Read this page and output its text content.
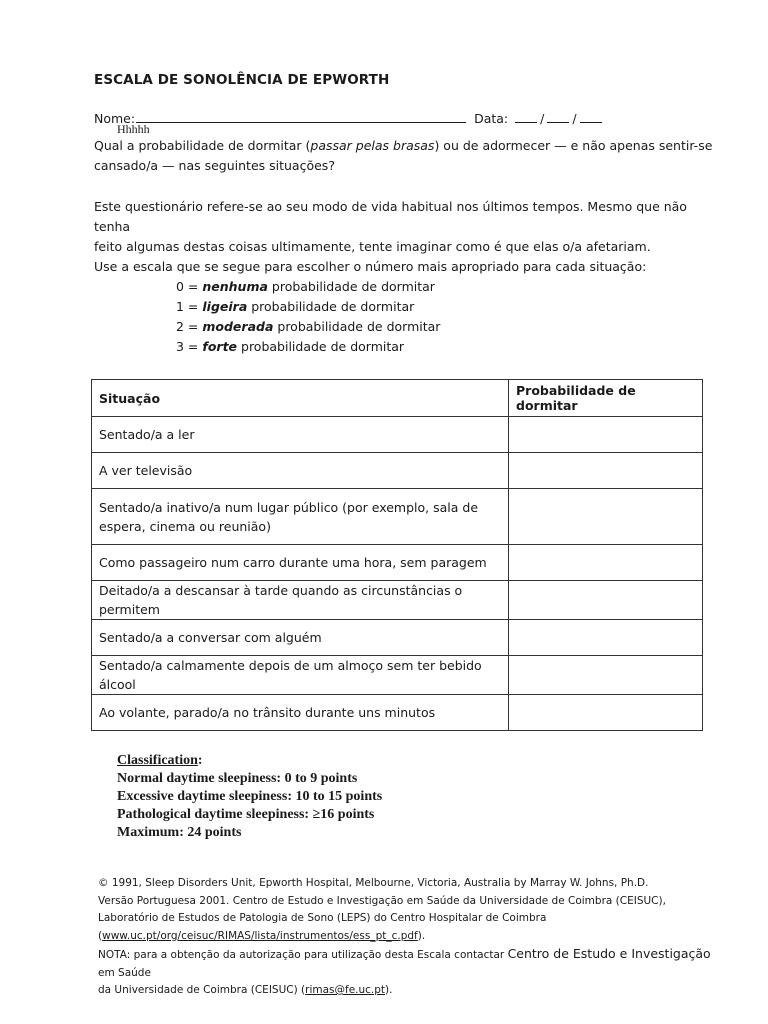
ESCALA DE SONOLÊNCIA DE EPWORTH
Nome:	Data:	/ /
Hhhhh
Qual a probabilidade de dormitar (passar pelas brasas) ou de adormecer — e não apenas sentir-se
cansado/a — nas seguintes situações?
Este questionário refere-se ao seu modo de vida habitual nos últimos tempos. Mesmo que não tenha
feito algumas destas coisas ultimamente, tente imaginar como é que elas o/a afetariam.
Use a escala que se segue para escolher o número mais apropriado para cada situação:
0 = nenhuma probabilidade de dormitar
1 = ligeira probabilidade de dormitar
2 = moderada probabilidade de dormitar
3 = forte probabilidade de dormitar
Situação	Probabilidade de dormitar
Sentado/a a ler	
A ver televisão	
Sentado/a inativo/a num lugar público (por exemplo, sala de espera, cinema ou reunião)	
Como passageiro num carro durante uma hora, sem paragem	
Deitado/a a descansar à tarde quando as circunstâncias o permitem	
Sentado/a a conversar com alguém	
Sentado/a calmamente depois de um almoço sem ter bebido álcool	
Ao volante, parado/a no trânsito durante uns minutos	
Classification:
Normal daytime sleepiness: 0 to 9 points
Excessive daytime sleepiness: 10 to 15 points
Pathological daytime sleepiness: ≥16 points
Maximum: 24 points
© 1991, Sleep Disorders Unit, Epworth Hospital, Melbourne, Victoria, Australia by Marray W. Johns, Ph.D.
Versão Portuguesa 2001. Centro de Estudo e Investigação em Saúde da Universidade de Coimbra (CEISUC),
Laboratório de Estudos de Patologia de Sono (LEPS) do Centro Hospitalar de Coimbra
(www.uc.pt/org/ceisuc/RIMAS/lista/instrumentos/ess_pt_c.pdf).
NOTA: para a obtenção da autorização para utilização desta Escala contactar Centro de Estudo e Investigação em Saúde
da Universidade de Coimbra (CEISUC) (rimas@fe.uc.pt).
